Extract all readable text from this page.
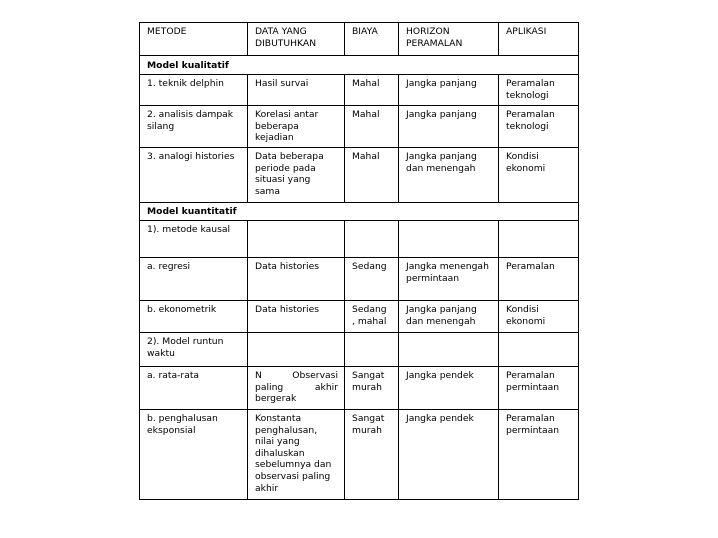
METODE	DATA YANG DIBUTUHKAN	BIAYA	HORIZON PERAMALAN	APLIKASI
Model kualitatif				
1. teknik delphin	Hasil survai	Mahal	Jangka panjang	Peramalan teknologi
2. analisis dampak silang	Korelasi antar beberapa kejadian	Mahal	Jangka panjang	Peramalan teknologi
3. analogi histories	Data beberapa periode pada situasi yang sama	Mahal	Jangka panjang dan menengah	Kondisi ekonomi
Model kuantitatif				
1). metode kausal				
a. regresi	Data histories	Sedang	Jangka menengah permintaan	Peramalan
b. ekonometrik	Data histories	Sedang , mahal	Jangka panjang dan menengah	Kondisi ekonomi
2). Model runtun waktu				
a. rata-rata	N Observasi paling akhir bergerak	Sangat murah	Jangka pendek	Peramalan permintaan
b. penghalusan eksponsial	Konstanta penghalusan, nilai yang dihaluskan sebelumnya dan observasi paling akhir	Sangat murah	Jangka pendek	Peramalan permintaan
